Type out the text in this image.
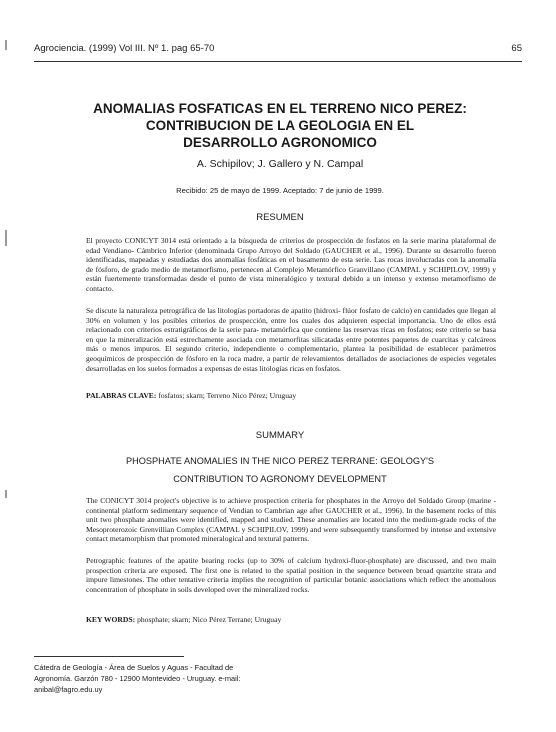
Agrociencia. (1999) Vol III. Nº 1. pag 65-70	65
ANOMALIAS FOSFATICAS EN EL TERRENO NICO PEREZ:
CONTRIBUCION DE LA GEOLOGIA EN EL
DESARROLLO AGRONOMICO
A. Schipilov; J. Gallero y N. Campal
Recibido: 25 de mayo de 1999. Aceptado: 7 de junio de 1999.
RESUMEN

El proyecto CONICYT 3014 está orientado a la búsqueda de criterios de prospección de fosfatos en la serie marina plataformal de edad Vendiano- Cámbrico Inferior (denominada Grupo Arroyo del Soldado (GAUCHER et al., 1996). Durante su desarrollo fueron identificadas, mapeadas y estudiadas dos anomalías fosfáticas en el basamento de esta serie. Las rocas involucradas con la anomalía de fósforo, de grado medio de metamorfismo, pertenecen al Complejo Metamórfico Granvillano (CAMPAL y SCHIPILOV, 1999) y están fuertemente transformadas desde el punto de vista mineralógico y textural debido a un intenso y extenso metamorfismo de contacto.

Se discute la naturaleza petrográfica de las litologías portadoras de apatito (hidroxi- flúor fosfato de calcio) en cantidades que llegan al 30% en volumen y los posibles criterios de prospección, entre los cuales dos adquieren especial importancia. Uno de ellos está relacionado con criterios estratigráficos de la serie para- metamórfica que contiene las reservas ricas en fosfatos; este criterio se basa en que la mineralización está estrechamente asociada con metamorfitas silicatadas entre potentes paquetes de cuarcitas y calcáreos más o menos impuros. El segundo criterio, independiente o complementario, plantea la posibilidad de establecer parámetros geoquímicos de prospección de fósforo en la roca madre, a partir de relevamientos detallados de asociaciones de especies vegetales desarrolladas en los suelos formados a expensas de estas litologías ricas en fosfatos.

PALABRAS CLAVE: fosfatos; skarn; Terreno Nico Pérez; Uruguay

SUMMARY
PHOSPHATE ANOMALIES IN THE NICO PEREZ TERRANE: GEOLOGY'S
CONTRIBUTION TO AGRONOMY DEVELOPMENT

The CONICYT 3014 project's objective is to achieve prospection criteria for phosphates in the Arroyo del Soldado Group (marine - continental platform sedimentary sequence of Vendian to Cambrian age after GAUCHER et al., 1996). In the basement rocks of this unit two phosphate anomalies were identified, mapped and studied. These anomalies are located into the medium-grade rocks of the Mesoproterozoic Grenvillian Complex (CAMPAL y SCHIPILOV, 1999) and were subsequently transformed by intense and extensive contact metamorphism that promoted mineralogical and textural patterns.

Petrographic features of the apatite bearing rocks (up to 30% of calcium hydroxi-fluor-phosphate) are discussed, and two main prospection criteria are exposed. The first one is related to the spatial position in the sequence between broad quartzite strata and impure limestones. The other tentative criteria implies the recognition of particular botanic associations which reflect the anomalous concentration of phosphate in soils developed over the mineralized rocks.

KEY WORDS: phosphate; skarn; Nico Pérez Terrane; Uruguay

Cátedra de Geología - Área de Suelos y Aguas - Facultad de
Agronomía. Garzón 780 - 12900 Montevideo - Uruguay. e-mail:
anibal@fagro.edu.uy
